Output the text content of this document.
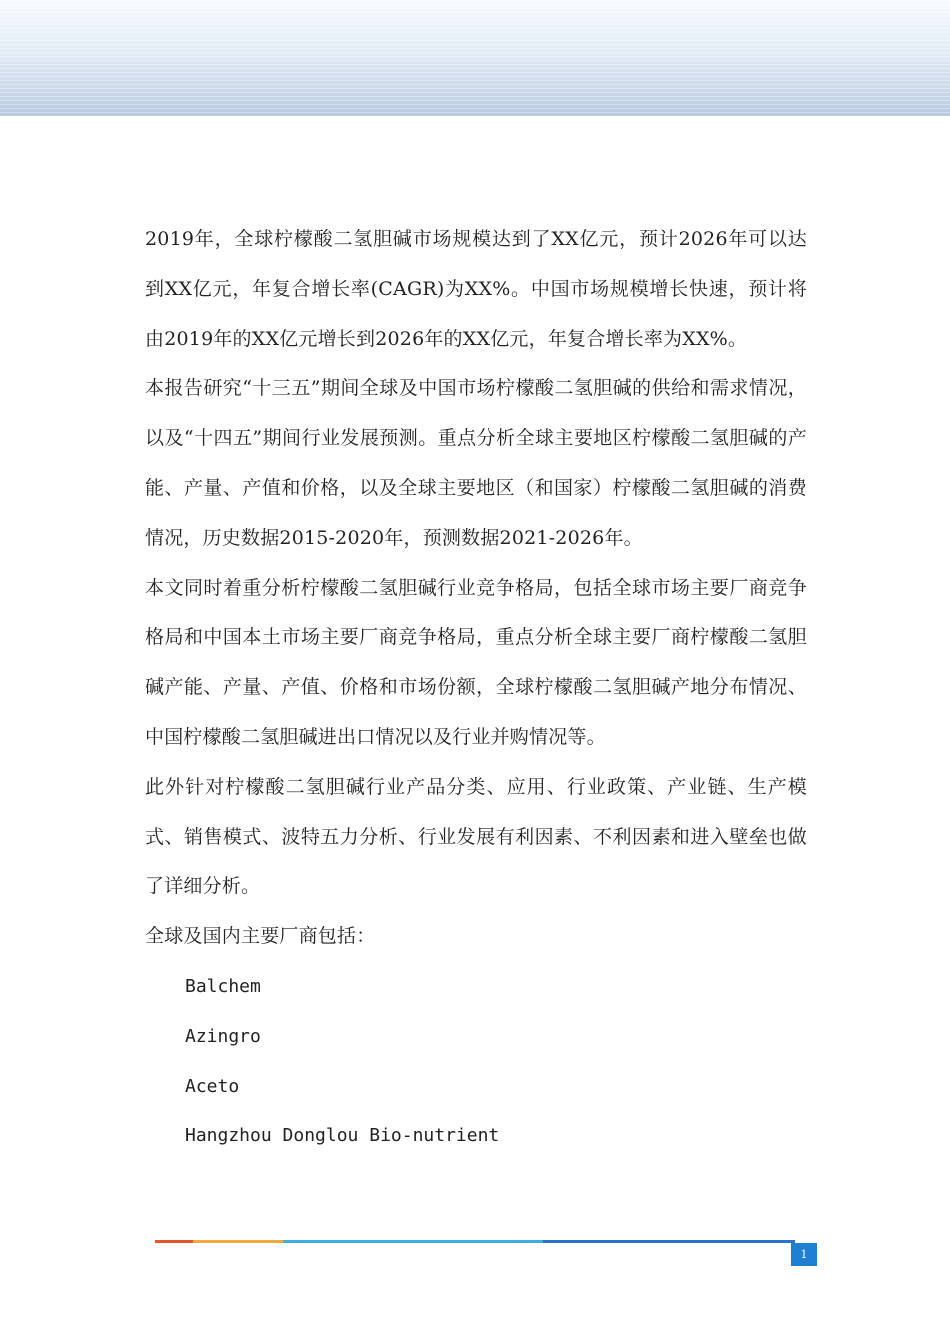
2019年，全球柠檬酸二氢胆碱市场规模达到了XX亿元，预计2026年可以达到XX亿元，年复合增长率(CAGR)为XX%。中国市场规模增长快速，预计将由2019年的XX亿元增长到2026年的XX亿元，年复合增长率为XX%。

本报告研究“十三五”期间全球及中国市场柠檬酸二氢胆碱的供给和需求情况，以及“十四五”期间行业发展预测。重点分析全球主要地区柠檬酸二氢胆碱的产能、产量、产值和价格，以及全球主要地区（和国家）柠檬酸二氢胆碱的消费情况，历史数据2015-2020年，预测数据2021-2026年。

本文同时着重分析柠檬酸二氢胆碱行业竞争格局，包括全球市场主要厂商竞争格局和中国本土市场主要厂商竞争格局，重点分析全球主要厂商柠檬酸二氢胆碱产能、产量、产值、价格和市场份额，全球柠檬酸二氢胆碱产地分布情况、中国柠檬酸二氢胆碱进出口情况以及行业并购情况等。

此外针对柠檬酸二氢胆碱行业产品分类、应用、行业政策、产业链、生产模式、销售模式、波特五力分析、行业发展有利因素、不利因素和进入壁垒也做了详细分析。

全球及国内主要厂商包括：

Balchem

Azingro

Aceto

Hangzhou Donglou Bio-nutrient

1
